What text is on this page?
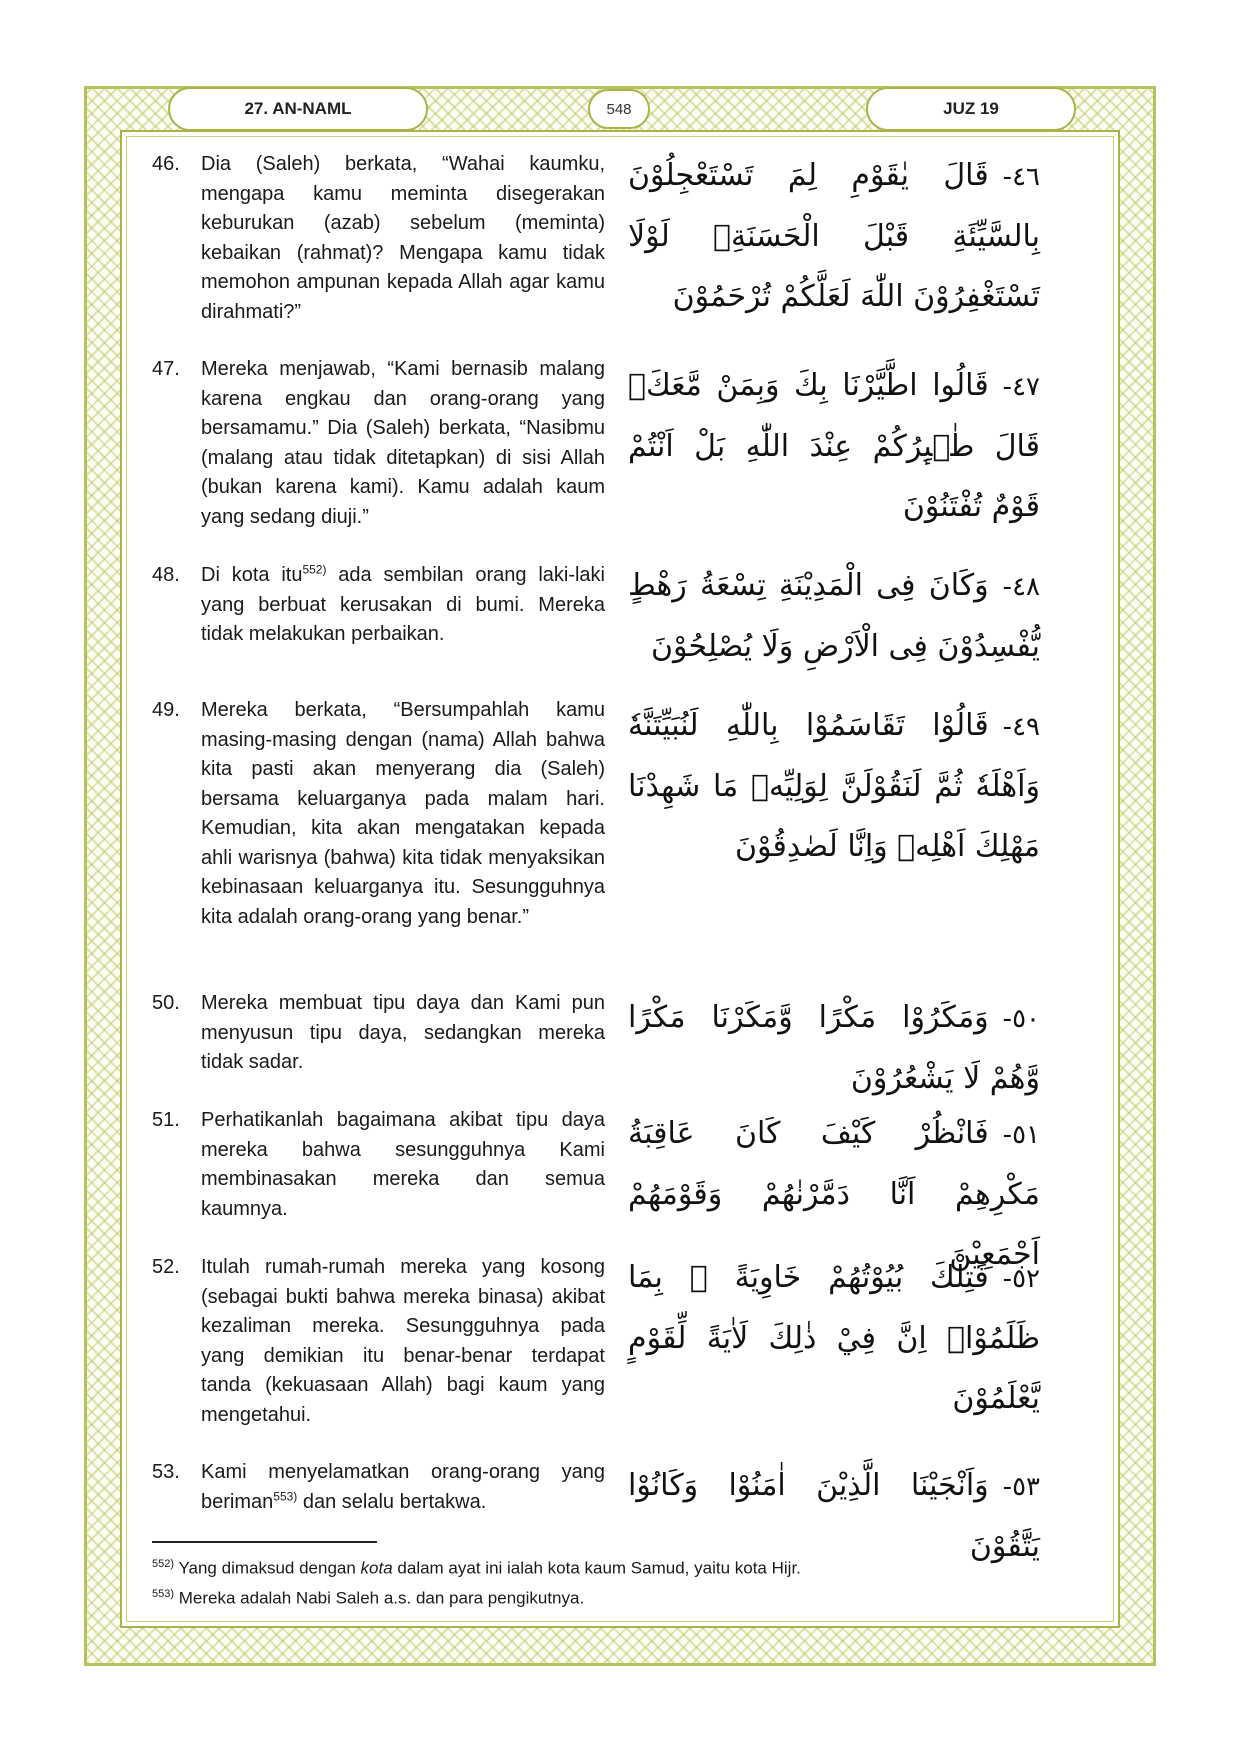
27. AN-NAML	548	JUZ 19
46. Dia (Saleh) berkata, “Wahai kaumku, mengapa kamu meminta disegerakan keburukan (azab) sebelum (meminta) kebaikan (rahmat)? Mengapa kamu tidak memohon ampunan kepada Allah agar kamu dirahmati?”
٤٦-قَالَ يٰقَوْمِ لِمَ تَسْتَعْجِلُوْنَ بِالسَّيِّئَةِ قَبْلَ الْحَسَنَةِۚ لَوْلَا تَسْتَغْفِرُوْنَ اللّٰهَ لَعَلَّكُمْ تُرْحَمُوْنَ
47. Mereka menjawab, “Kami bernasib malang karena engkau dan orang-orang yang bersamamu.” Dia (Saleh) berkata, “Nasibmu (malang atau tidak ditetapkan) di sisi Allah (bukan karena kami). Kamu adalah kaum yang sedang diuji.”
٤٧-قَالُوا اطَّيَّرْنَا بِكَ وَبِمَنْ مَّعَكَۗ قَالَ طٰۤىِٕرُكُمْ عِنْدَ اللّٰهِ بَلْ اَنْتُمْ قَوْمٌ تُفْتَنُوْنَ
48. Di kota itu$^{552)}$ ada sembilan orang laki-laki yang berbuat kerusakan di bumi. Mereka tidak melakukan perbaikan.
٤٨-وَكَانَ فِى الْمَدِيْنَةِ تِسْعَةُ رَهْطٍ يُّفْسِدُوْنَ فِى الْاَرْضِ وَلَا يُصْلِحُوْنَ
49. Mereka berkata, “Bersumpahlah kamu masing-masing dengan (nama) Allah bahwa kita pasti akan menyerang dia (Saleh) bersama keluarganya pada malam hari. Kemudian, kita akan mengatakan kepada ahli warisnya (bahwa) kita tidak menyaksikan kebinasaan keluarganya itu. Sesungguhnya kita adalah orang-orang yang benar.”
٤٩-قَالُوْا تَقَاسَمُوْا بِاللّٰهِ لَنُبَيِّتَنَّهٗ وَاَهْلَهٗ ثُمَّ لَنَقُوْلَنَّ لِوَلِيِّهٖ مَا شَهِدْنَا مَهْلِكَ اَهْلِهٖ وَاِنَّا لَصٰدِقُوْنَ
50. Mereka membuat tipu daya dan Kami pun menyusun tipu daya, sedangkan mereka tidak sadar.
٥٠-وَمَكَرُوْا مَكْرًا وَّمَكَرْنَا مَكْرًا وَّهُمْ لَا يَشْعُرُوْنَ
51. Perhatikanlah bagaimana akibat tipu daya mereka bahwa sesungguhnya Kami membinasakan mereka dan semua kaumnya.
٥١-فَانْظُرْ كَيْفَ كَانَ عَاقِبَةُ مَكْرِهِمْ اَنَّا دَمَّرْنٰهُمْ وَقَوْمَهُمْ اَجْمَعِيْنَ
52. Itulah rumah-rumah mereka yang kosong (sebagai bukti bahwa mereka binasa) akibat kezaliman mereka. Sesungguhnya pada yang demikian itu benar-benar terdapat tanda (kekuasaan Allah) bagi kaum yang mengetahui.
٥٢-فَتِلْكَ بُيُوْتُهُمْ خَاوِيَةً ۢ بِمَا ظَلَمُوْاۗ اِنَّ فِيْ ذٰلِكَ لَاٰيَةً لِّقَوْمٍ يَّعْلَمُوْنَ
53. Kami menyelamatkan orang-orang yang beriman$^{553)}$ dan selalu bertakwa.	٥٣-وَاَنْجَيْنَا الَّذِيْنَ اٰمَنُوْا وَكَانُوْا يَتَّقُوْنَ
$^{552)}$ Yang dimaksud dengan kota dalam ayat ini ialah kota kaum Samud, yaitu kota Hijr.
$^{553)}$ Mereka adalah Nabi Saleh a.s. dan para pengikutnya.
